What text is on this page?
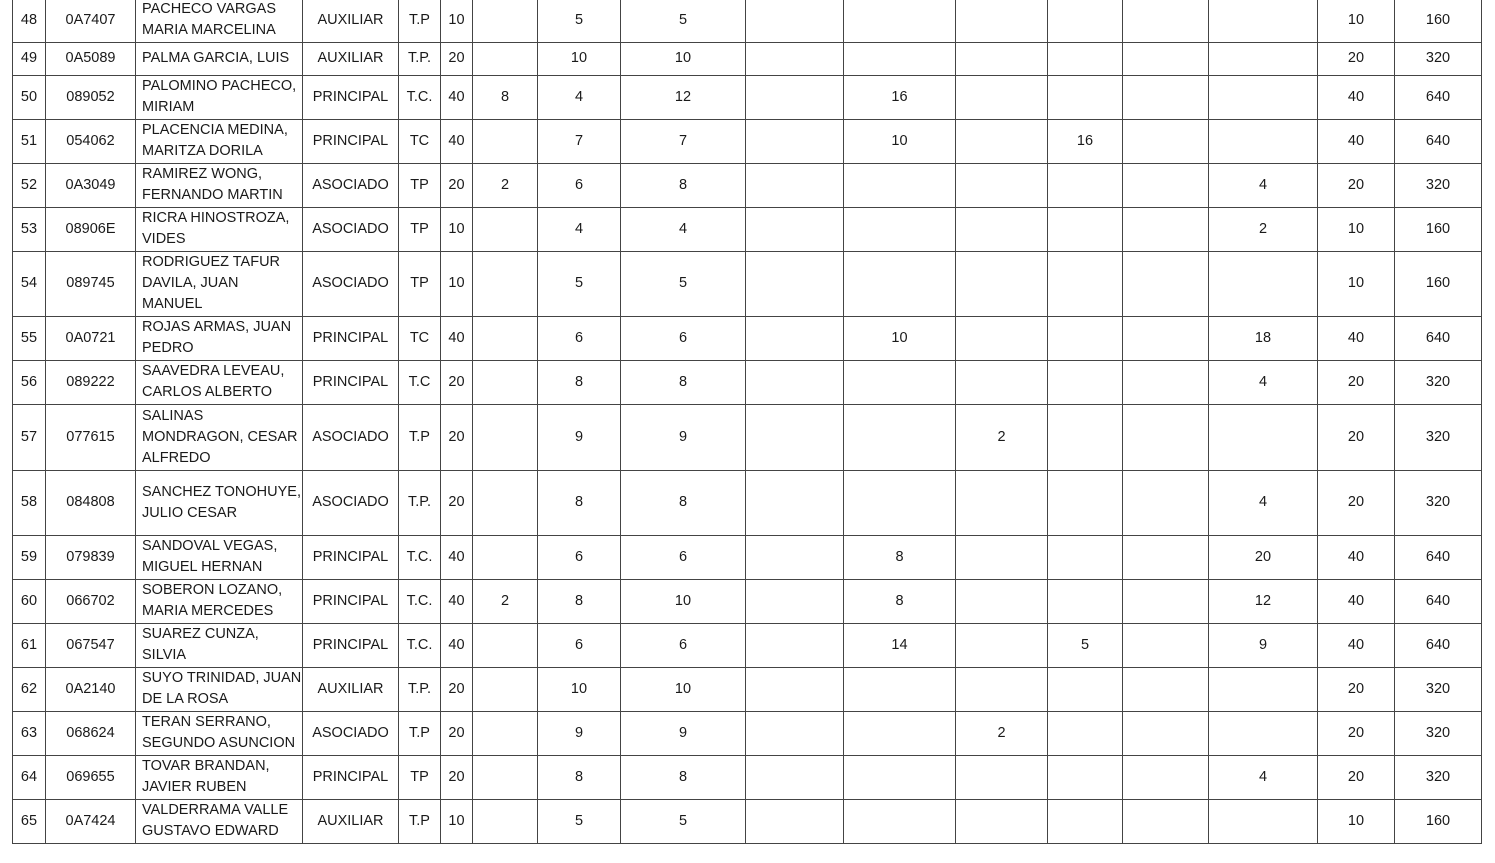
48	0A7407	PACHECO VARGAS MARIA MARCELINA	AUXILIAR	T.P	10		5	5							10	160
49	0A5089	PALMA GARCIA, LUIS	AUXILIAR	T.P.	20		10	10							20	320
50	089052	PALOMINO PACHECO, MIRIAM	PRINCIPAL	T.C.	40	8	4	12		16					40	640
51	054062	PLACENCIA MEDINA, MARITZA DORILA	PRINCIPAL	TC	40		7	7		10		16			40	640
52	0A3049	RAMIREZ WONG, FERNANDO MARTIN	ASOCIADO	TP	20	2	6	8						4	20	320
53	08906E	RICRA HINOSTROZA, VIDES	ASOCIADO	TP	10		4	4						2	10	160
54	089745	RODRIGUEZ TAFUR DAVILA, JUAN MANUEL	ASOCIADO	TP	10		5	5							10	160
55	0A0721	ROJAS ARMAS, JUAN PEDRO	PRINCIPAL	TC	40		6	6		10				18	40	640
56	089222	SAAVEDRA LEVEAU, CARLOS ALBERTO	PRINCIPAL	T.C	20		8	8						4	20	320
57	077615	SALINAS MONDRAGON, CESAR ALFREDO	ASOCIADO	T.P	20		9	9			2				20	320
58	084808	SANCHEZ TONOHUYE, JULIO CESAR	ASOCIADO	T.P.	20		8	8						4	20	320
59	079839	SANDOVAL VEGAS, MIGUEL HERNAN	PRINCIPAL	T.C.	40		6	6		8				20	40	640
60	066702	SOBERON LOZANO, MARIA MERCEDES	PRINCIPAL	T.C.	40	2	8	10		8				12	40	640
61	067547	SUAREZ CUNZA, SILVIA	PRINCIPAL	T.C.	40		6	6		14		5		9	40	640
62	0A2140	SUYO TRINIDAD, JUAN DE LA ROSA	AUXILIAR	T.P.	20		10	10							20	320
63	068624	TERAN SERRANO, SEGUNDO ASUNCION	ASOCIADO	T.P	20		9	9			2				20	320
64	069655	TOVAR BRANDAN, JAVIER RUBEN	PRINCIPAL	TP	20		8	8						4	20	320
65	0A7424	VALDERRAMA VALLE GUSTAVO EDWARD	AUXILIAR	T.P	10		5	5							10	160
